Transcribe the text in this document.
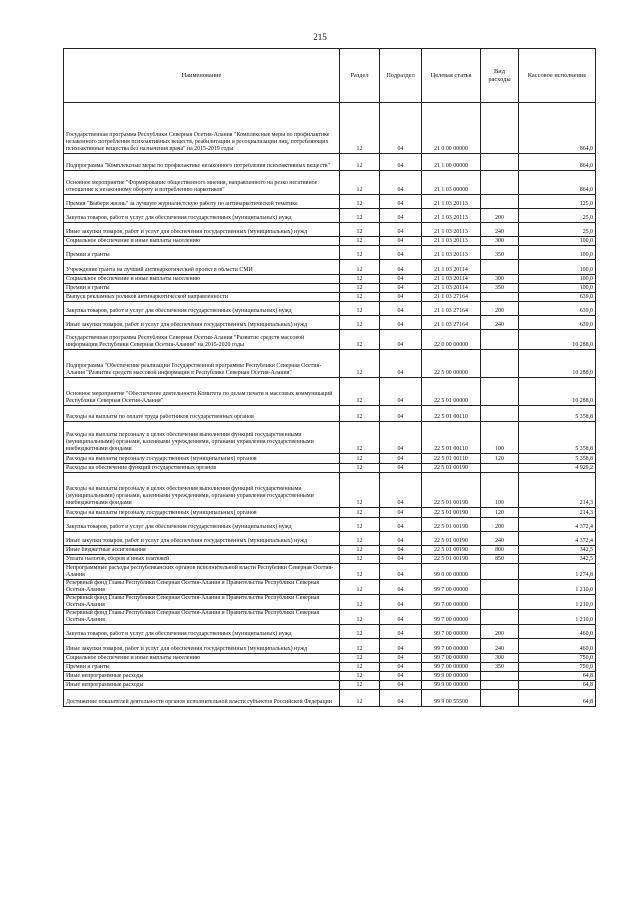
215
Наименование	Раздел	Подраздел	Целевая статья	Вид расходы	Кассовое исполнение

Государственная программа Республики Северная Осетия-Алания "Комплексные меры по профилактике незаконного потребления психоактивных веществ, реабилитации и ресоциализации лиц, потребляющих психоактивные вещества без назначения врача" на 2015-2019 годы	12	04	21 0 00 00000		864,0

Подпрограмма "Комплексные меры по профилактике незаконного потребления психоактивных веществ"	12	04	21 1 00 00000		864,0

Основное мероприятие "Формирование общественного мнения, направленного на резко негативное отношение к незаконному обороту и потреблению наркотиков"	12	04	21 1 03 00000		864,0

Премия "Выбери жизнь" за лучшую журналистскую работу по антинаркотической тематике	12	04	21 1 03 20113		125,0

Закупка товаров, работ и услуг для обеспечения государственных (муниципальных) нужд	12	04	21 1 03 20113	200	25,0

Иные закупки товаров, работ и услуг для обеспечения государственных (муниципальных) нужд	12	04	21 1 03 20113	240	25,0

Социальное обеспечение и иные выплаты населению	12	04	21 1 03 20113	300	100,0

Премии и гранты	12	04	21 1 03 20113	350	100,0

Учреждение гранта на лучший антинаркотический проект в области СМИ	12	04	21 1 03 20114		100,0

Социальное обеспечение и иные выплаты населению	12	04	21 1 03 20114	300	100,0

Премии и гранты	12	04	21 1 03 20114	350	100,0

Выпуск рекламных роликов антинаркотической направленности	12	04	21 1 03 27164		639,0

Закупка товаров, работ и услуг для обеспечения государственных (муниципальных) нужд	12	04	21 1 03 27164	200	639,0

Иные закупки товаров, работ и услуг для обеспечения государственных (муниципальных) нужд	12	04	21 1 03 27164	240	639,0

Государственная программа Республики Северная Осетия-Алания "Развитие средств массовой информации Республики Северная Осетия-Алания" на 2015-2020 годы	12	04	22 0 00 00000		10 288,0

Подпрограмма "Обеспечение реализации Государственной программы Республики Северная Осетия-Алания "Развитие средств массовой информации в Республике Северная Осетия-Алания"	12	04	22 5 00 00000		10 288,0

Основное мероприятие "Обеспечение деятельности Комитета по делам печати и массовых коммуникаций Республики Северная Осетия-Алания"	12	04	22 5 01 00000		10 288,0

Расходы на выплаты по оплате труда работников государственных органов	12	04	22 5 01 00110		5 358,8

Расходы на выплаты персоналу в целях обеспечения выполнения функций государственными (муниципальными) органами, казенными учреждениями, органами управления государственными внебюджетными фондами	12	04	22 5 01 00110	100	5 358,8

Расходы на выплаты персоналу государственных (муниципальных) органов	12	04	22 5 01 00110	120	5 358,8

Расходы на обеспечение функций государственных органов	12	04	22 5 01 00190		4 929,2

Расходы на выплаты персоналу в целях обеспечения выполнения функций государственными (муниципальными) органами, казенными учреждениями, органами управления государственными внебюджетными фондами	12	04	22 5 01 00190	100	214,3

Расходы на выплаты персоналу государственных (муниципальных) органов	12	04	22 5 01 00190	120	214,3

Закупка товаров, работ и услуг для обеспечения государственных (муниципальных) нужд	12	04	22 5 01 00190	200	4 372,4

Иные закупки товаров, работ и услуг для обеспечения государственных (муниципальных) нужд	12	04	22 5 01 00190	240	4 372,4

Иные бюджетные ассигнования	12	04	22 5 01 00190	800	342,5

Уплата налогов, сборов и иных платежей	12	04	22 5 01 00190	850	342,5

Непрограммные расходы республиканских органов исполнительной власти Республики Северная Осетия-Алания	12	04	99 0 00 00000		1 274,8

Резервный фонд Главы Республики Северная Осетия-Алания и Правительства Республики Северная Осетия-Алания	12	04	99 7 00 00000		1 210,0

Резервный фонд Главы Республики Северная Осетия-Алания и Правительства Республики Северная Осетия-Алания	12	04	99 7 00 00000		1 210,0

Резервный фонд Главы Республики Северная Осетия-Алания и Правительства Республики Северная Осетия-Алания	12	04	99 7 00 00000		1 210,0

Закупка товаров, работ и услуг для обеспечения государственных (муниципальных) нужд	12	04	99 7 00 00000	200	460,0

Иные закупки товаров, работ и услуг для обеспечения государственных (муниципальных) нужд	12	04	99 7 00 00000	240	460,0

Социальное обеспечение и иные выплаты населению	12	04	99 7 00 00000	300	750,0

Премии и гранты	12	04	99 7 00 00000	350	750,0

Иные непрограммные расходы	12	04	99 9 00 00000		64,8

Иные непрограммные расходы	12	04	99 9 00 00000		64,8

Достижение показателей деятельности органов исполнительной власти субъектов Российской Федерации	12	04	99 9 00 55500		64,8
